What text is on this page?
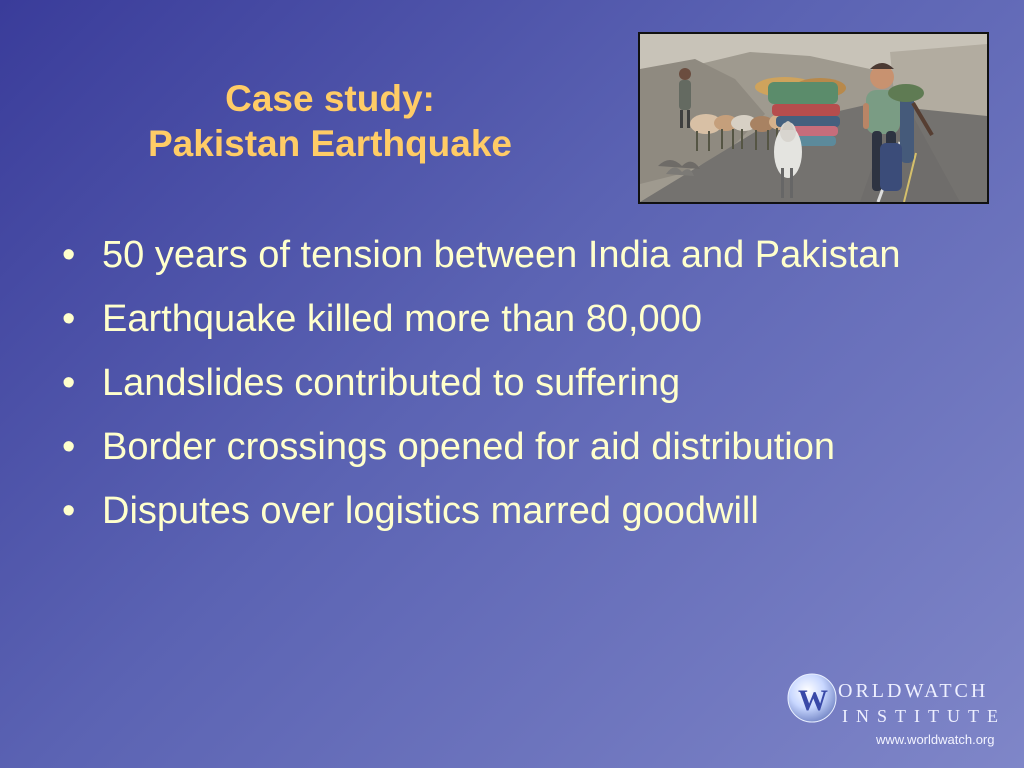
Case study:
Pakistan Earthquake
• 50 years of tension between India and Pakistan
• Earthquake killed more than 80,000
• Landslides contributed to suffering
• Border crossings opened for aid distribution
• Disputes over logistics marred goodwill
W ORLDWATCH
INSTITUTE
www.worldwatch.org
